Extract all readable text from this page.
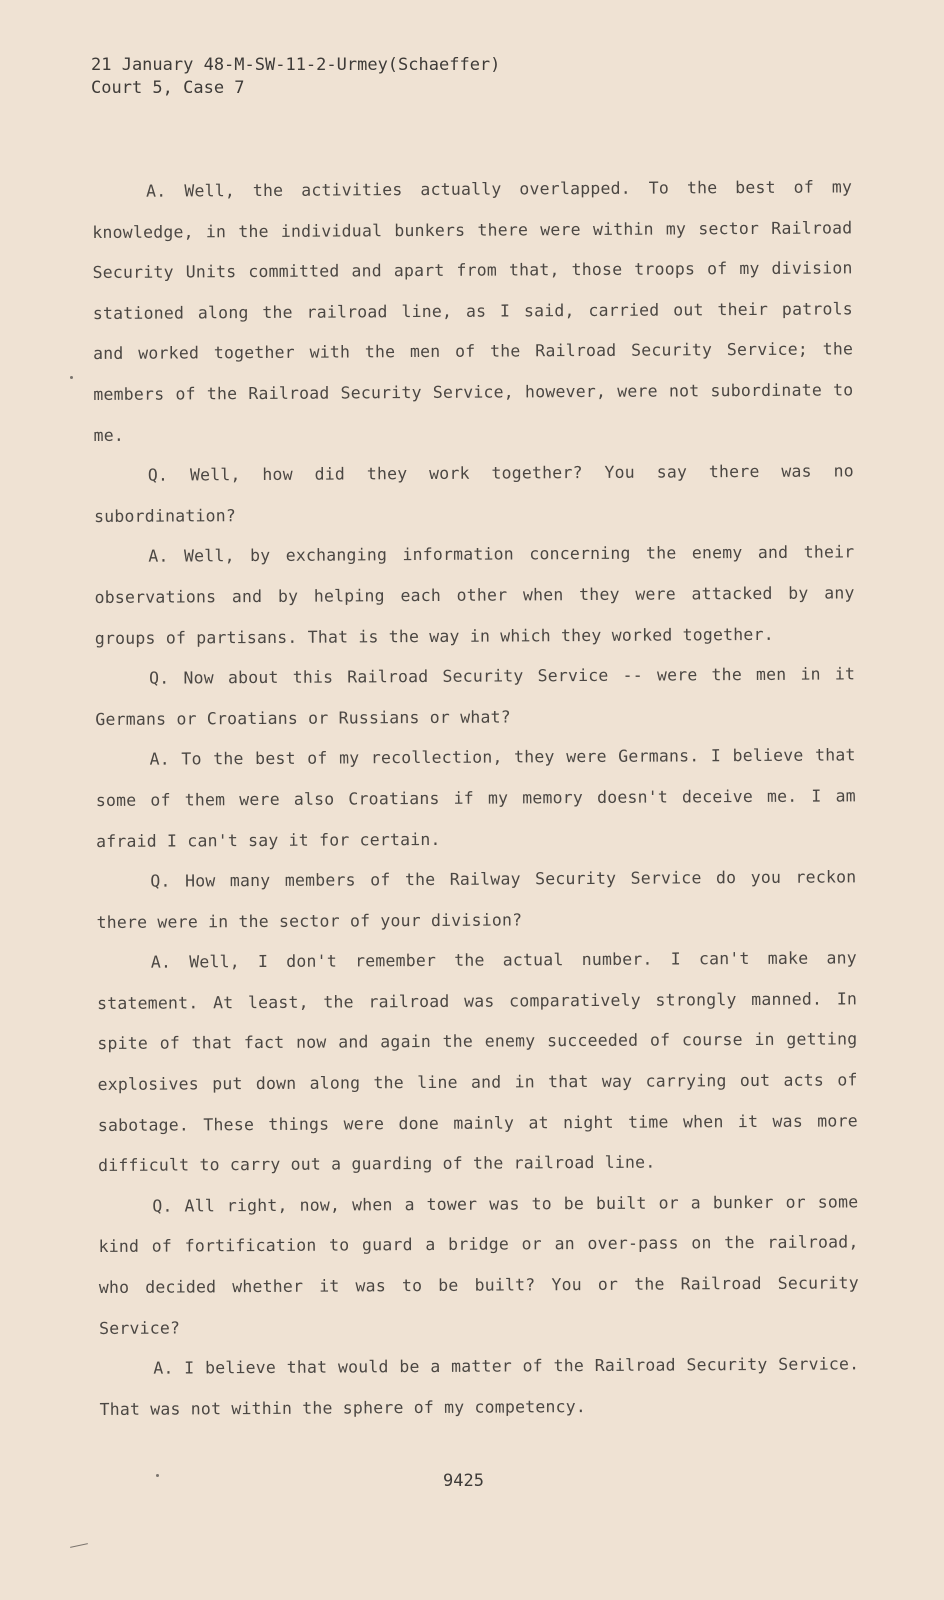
21 January 48-M-SW-11-2-Urmey(Schaeffer)
Court 5, Case 7

A. Well, the activities actually overlapped. To the best of my knowledge, in the individual bunkers there were within my sector Railroad Security Units committed and apart from that, those troops of my division stationed along the railroad line, as I said, carried out their patrols and worked together with the men of the Railroad Security Service; the members of the Railroad Security Service, however, were not subordinate to me.

Q. Well, how did they work together? You say there was no subordination?

A. Well, by exchanging information concerning the enemy and their observations and by helping each other when they were attacked by any groups of partisans. That is the way in which they worked together.

Q. Now about this Railroad Security Service -- were the men in it Germans or Croatians or Russians or what?

A. To the best of my recollection, they were Germans. I believe that some of them were also Croatians if my memory doesn't deceive me. I am afraid I can't say it for certain.

Q. How many members of the Railway Security Service do you reckon there were in the sector of your division?

A. Well, I don't remember the actual number. I can't make any statement. At least, the railroad was comparatively strongly manned. In spite of that fact now and again the enemy succeeded of course in getting explosives put down along the line and in that way carrying out acts of sabotage. These things were done mainly at night time when it was more difficult to carry out a guarding of the railroad line.

Q. All right, now, when a tower was to be built or a bunker or some kind of fortification to guard a bridge or an over-pass on the railroad, who decided whether it was to be built? You or the Railroad Security Service?

A. I believe that would be a matter of the Railroad Security Service. That was not within the sphere of my competency.

9425
